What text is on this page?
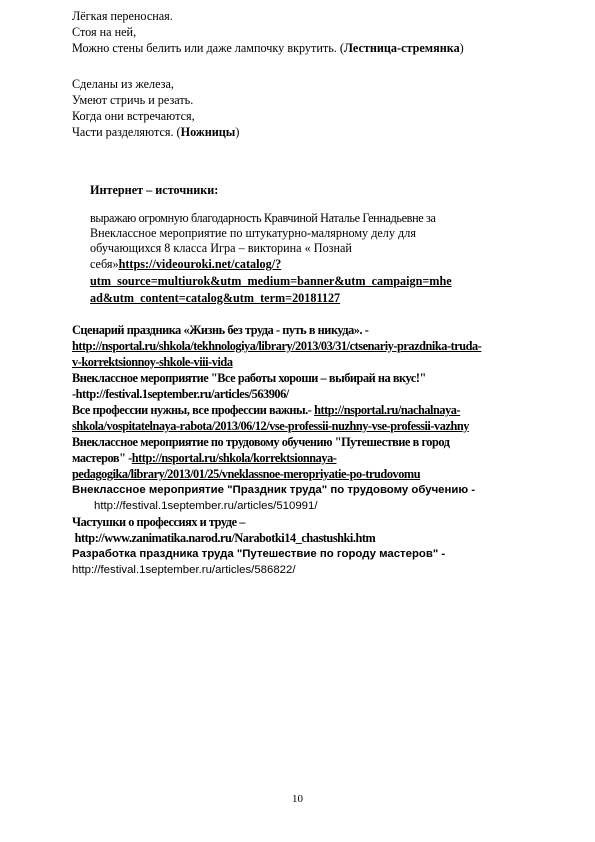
Лёгкая переносная.
Стоя на ней,
Можно стены белить или даже лампочку вкрутить. (Лестница-стремянка)
Сделаны из железа,
Умеют стричь и резать.
Когда они встречаются,
Части разделяются. (Ножницы)
Интернет – источники:
выражаю огромную благодарность Кравчиной Наталье Геннадьевне за
Внеклассное мероприятие по штукатурно-малярному делу для
обучающихся 8 класса Игра – викторина « Познай
себя»https://videouroki.net/catalog/?
utm_source=multiurok&utm_medium=banner&utm_campaign=mhe
ad&utm_content=catalog&utm_term=20181127
Сценарий праздника «Жизнь без труда - путь в никуда». -
http://nsportal.ru/shkola/tekhnologiya/library/2013/03/31/ctsenariy-prazdnika-truda-
v-korrektsionnoy-shkole-viii-vida
Внеклассное мероприятие "Все работы хороши – выбирай на вкус!"
-http://festival.1september.ru/articles/563906/
Все профессии нужны, все профессии важны.- http://nsportal.ru/nachalnaya-
shkola/vospitatelnaya-rabota/2013/06/12/vse-professii-nuzhny-vse-professii-vazhny
Внеклассное мероприятие по трудовому обучению "Путешествие в город
мастеров" -http://nsportal.ru/shkola/korrektsionnaya-
pedagogika/library/2013/01/25/vneklassnoe-meropriyatie-po-trudovomu
Внеклассное мероприятие "Праздник труда" по трудовому обучению -
http://festival.1september.ru/articles/510991/
Частушки о профессиях и труде –
http://www.zanimatika.narod.ru/Narabotki14_chastushki.htm
Разработка праздника труда "Путешествие по городу мастеров" -
http://festival.1september.ru/articles/586822/
10
